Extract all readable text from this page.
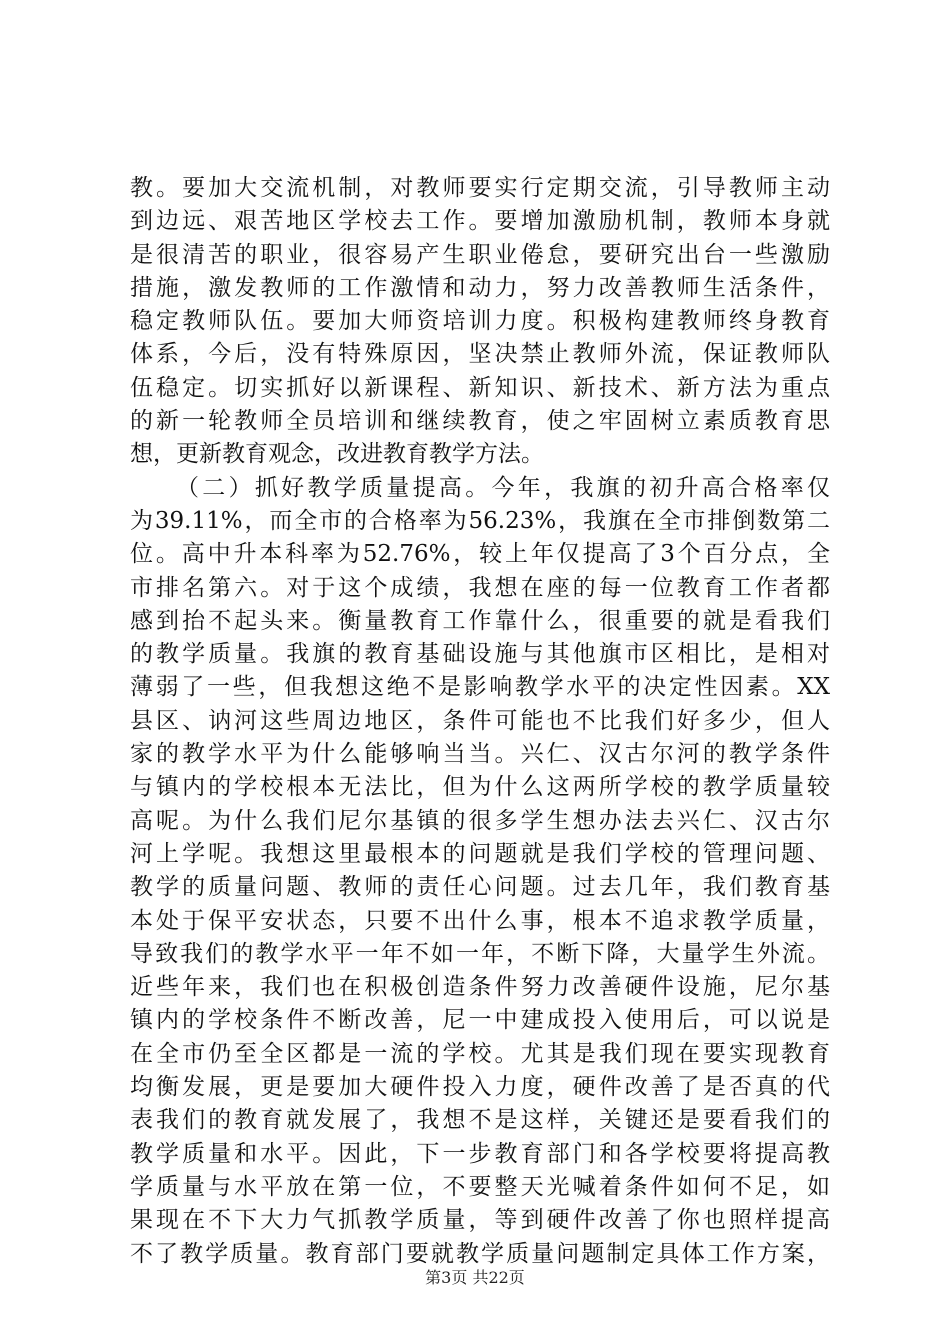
教。要加大交流机制，对教师要实行定期交流，引导教师主动
到边远、艰苦地区学校去工作。要增加激励机制，教师本身就
是很清苦的职业，很容易产生职业倦怠，要研究出台一些激励
措施，激发教师的工作激情和动力，努力改善教师生活条件，
稳定教师队伍。要加大师资培训力度。积极构建教师终身教育
体系，今后，没有特殊原因，坚决禁止教师外流，保证教师队
伍稳定。切实抓好以新课程、新知识、新技术、新方法为重点
的新一轮教师全员培训和继续教育，使之牢固树立素质教育思
想，更新教育观念，改进教育教学方法。
（二）抓好教学质量提高。今年，我旗的初升高合格率仅
为39.11%，而全市的合格率为56.23%，我旗在全市排倒数第二
位。高中升本科率为52.76%，较上年仅提高了3个百分点，全
市排名第六。对于这个成绩，我想在座的每一位教育工作者都
感到抬不起头来。衡量教育工作靠什么，很重要的就是看我们
的教学质量。我旗的教育基础设施与其他旗市区相比，是相对
薄弱了一些，但我想这绝不是影响教学水平的决定性因素。XX
县区、讷河这些周边地区，条件可能也不比我们好多少，但人
家的教学水平为什么能够响当当。兴仁、汉古尔河的教学条件
与镇内的学校根本无法比，但为什么这两所学校的教学质量较
高呢。为什么我们尼尔基镇的很多学生想办法去兴仁、汉古尔
河上学呢。我想这里最根本的问题就是我们学校的管理问题、
教学的质量问题、教师的责任心问题。过去几年，我们教育基
本处于保平安状态，只要不出什么事，根本不追求教学质量，
导致我们的教学水平一年不如一年，不断下降，大量学生外流。
近些年来，我们也在积极创造条件努力改善硬件设施，尼尔基
镇内的学校条件不断改善，尼一中建成投入使用后，可以说是
在全市仍至全区都是一流的学校。尤其是我们现在要实现教育
均衡发展，更是要加大硬件投入力度，硬件改善了是否真的代
表我们的教育就发展了，我想不是这样，关键还是要看我们的
教学质量和水平。因此，下一步教育部门和各学校要将提高教
学质量与水平放在第一位，不要整天光喊着条件如何不足，如
果现在不下大力气抓教学质量，等到硬件改善了你也照样提高
不了教学质量。教育部门要就教学质量问题制定具体工作方案，
第3页 共22页
